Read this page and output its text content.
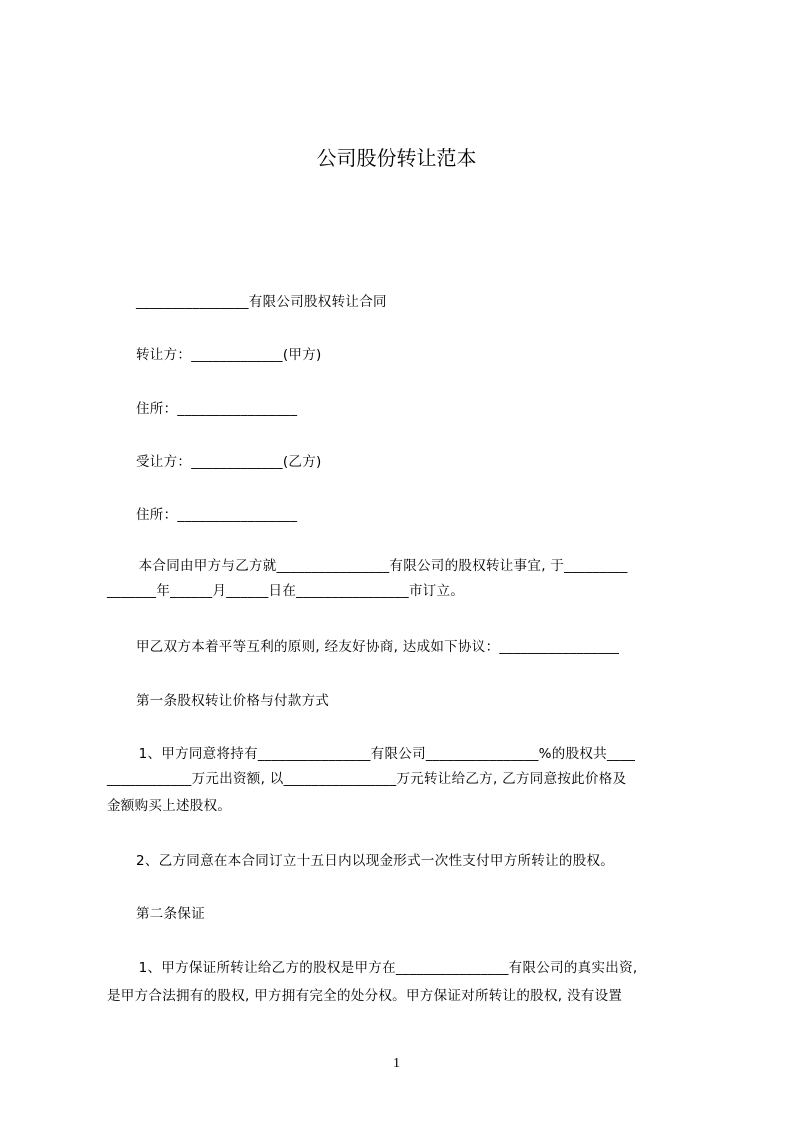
公司股份转让范本
________________有限公司股权转让合同
转让方：_____________(甲方)
住所：_________________
受让方：_____________(乙方)
住所：_________________
本合同由甲方与乙方就________________有限公司的股权转让事宜, 于_________
_______年______月______日在________________市订立。
甲乙双方本着平等互利的原则, 经友好协商, 达成如下协议：_________________
第一条股权转让价格与付款方式
1、甲方同意将持有________________有限公司________________%的股权共____
____________万元出资额, 以________________万元转让给乙方, 乙方同意按此价格及
金额购买上述股权。
2、乙方同意在本合同订立十五日内以现金形式一次性支付甲方所转让的股权。
第二条保证
1、甲方保证所转让给乙方的股权是甲方在________________有限公司的真实出资,
是甲方合法拥有的股权, 甲方拥有完全的处分权。甲方保证对所转让的股权, 没有设置
1
